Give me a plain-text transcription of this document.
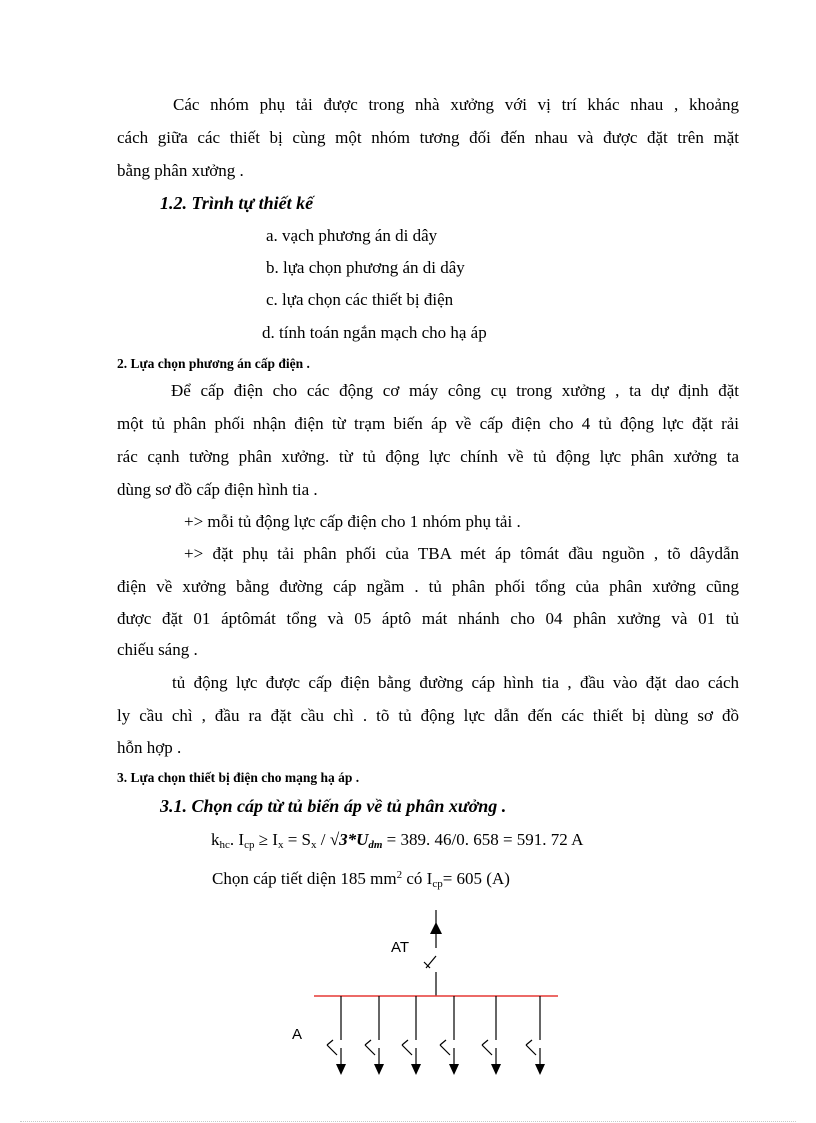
Các nhóm phụ tải được trong nhà xưởng với vị trí khác nhau , khoảng
cách giữa các thiết bị cùng một nhóm tương đối đến nhau và được đặt trên mặt
bằng phân xưởng .
1.2. Trình tự thiết kế
a. vạch phương án di dây
b. lựa chọn phương án di dây
c. lựa chọn các thiết bị điện
d. tính toán ngắn mạch cho hạ áp
2. Lựa chọn phương án cấp điện .
Để cấp điện cho các động cơ máy công cụ trong xưởng , ta dự định đặt
một tủ phân phối nhận điện từ trạm biến áp về cấp điện cho 4 tủ động lực đặt rải
rác cạnh tường phân xưởng. từ tủ động lực chính về tủ động lực phân xưởng ta
dùng sơ đồ cấp điện hình tia .
+> mỗi tủ động lực cấp điện cho 1 nhóm phụ tải .
+> đặt phụ tải phân phối của TBA mét áp tômát đầu nguồn , tõ dâydẫn
điện về xưởng bằng đường cáp ngầm . tủ phân phối tổng của phân xưởng cũng
được đặt 01 áptômát tổng và 05 áptô mát nhánh cho 04 phân xưởng và 01 tủ
chiếu sáng .
tủ động lực được cấp điện bằng đường cáp hình tia , đầu vào đặt dao cách
ly cầu chì , đầu ra đặt cầu chì . tõ tủ động lực dẫn đến các thiết bị dùng sơ đồ
hỗn hợp .
3. Lựa chọn thiết bị điện cho mạng hạ áp .
3.1. Chọn cáp từ tủ biến áp về tủ phân xưởng .
$k_{hc}$. $I_{cp} \ge I_x = S_x / √3*U_{dm} = 389$. 46/0. 658 = 591. 72 A
Chọn cáp tiết diện 185 $mm^2$ có $I_{cp}= 605$ (A)
AT
A
